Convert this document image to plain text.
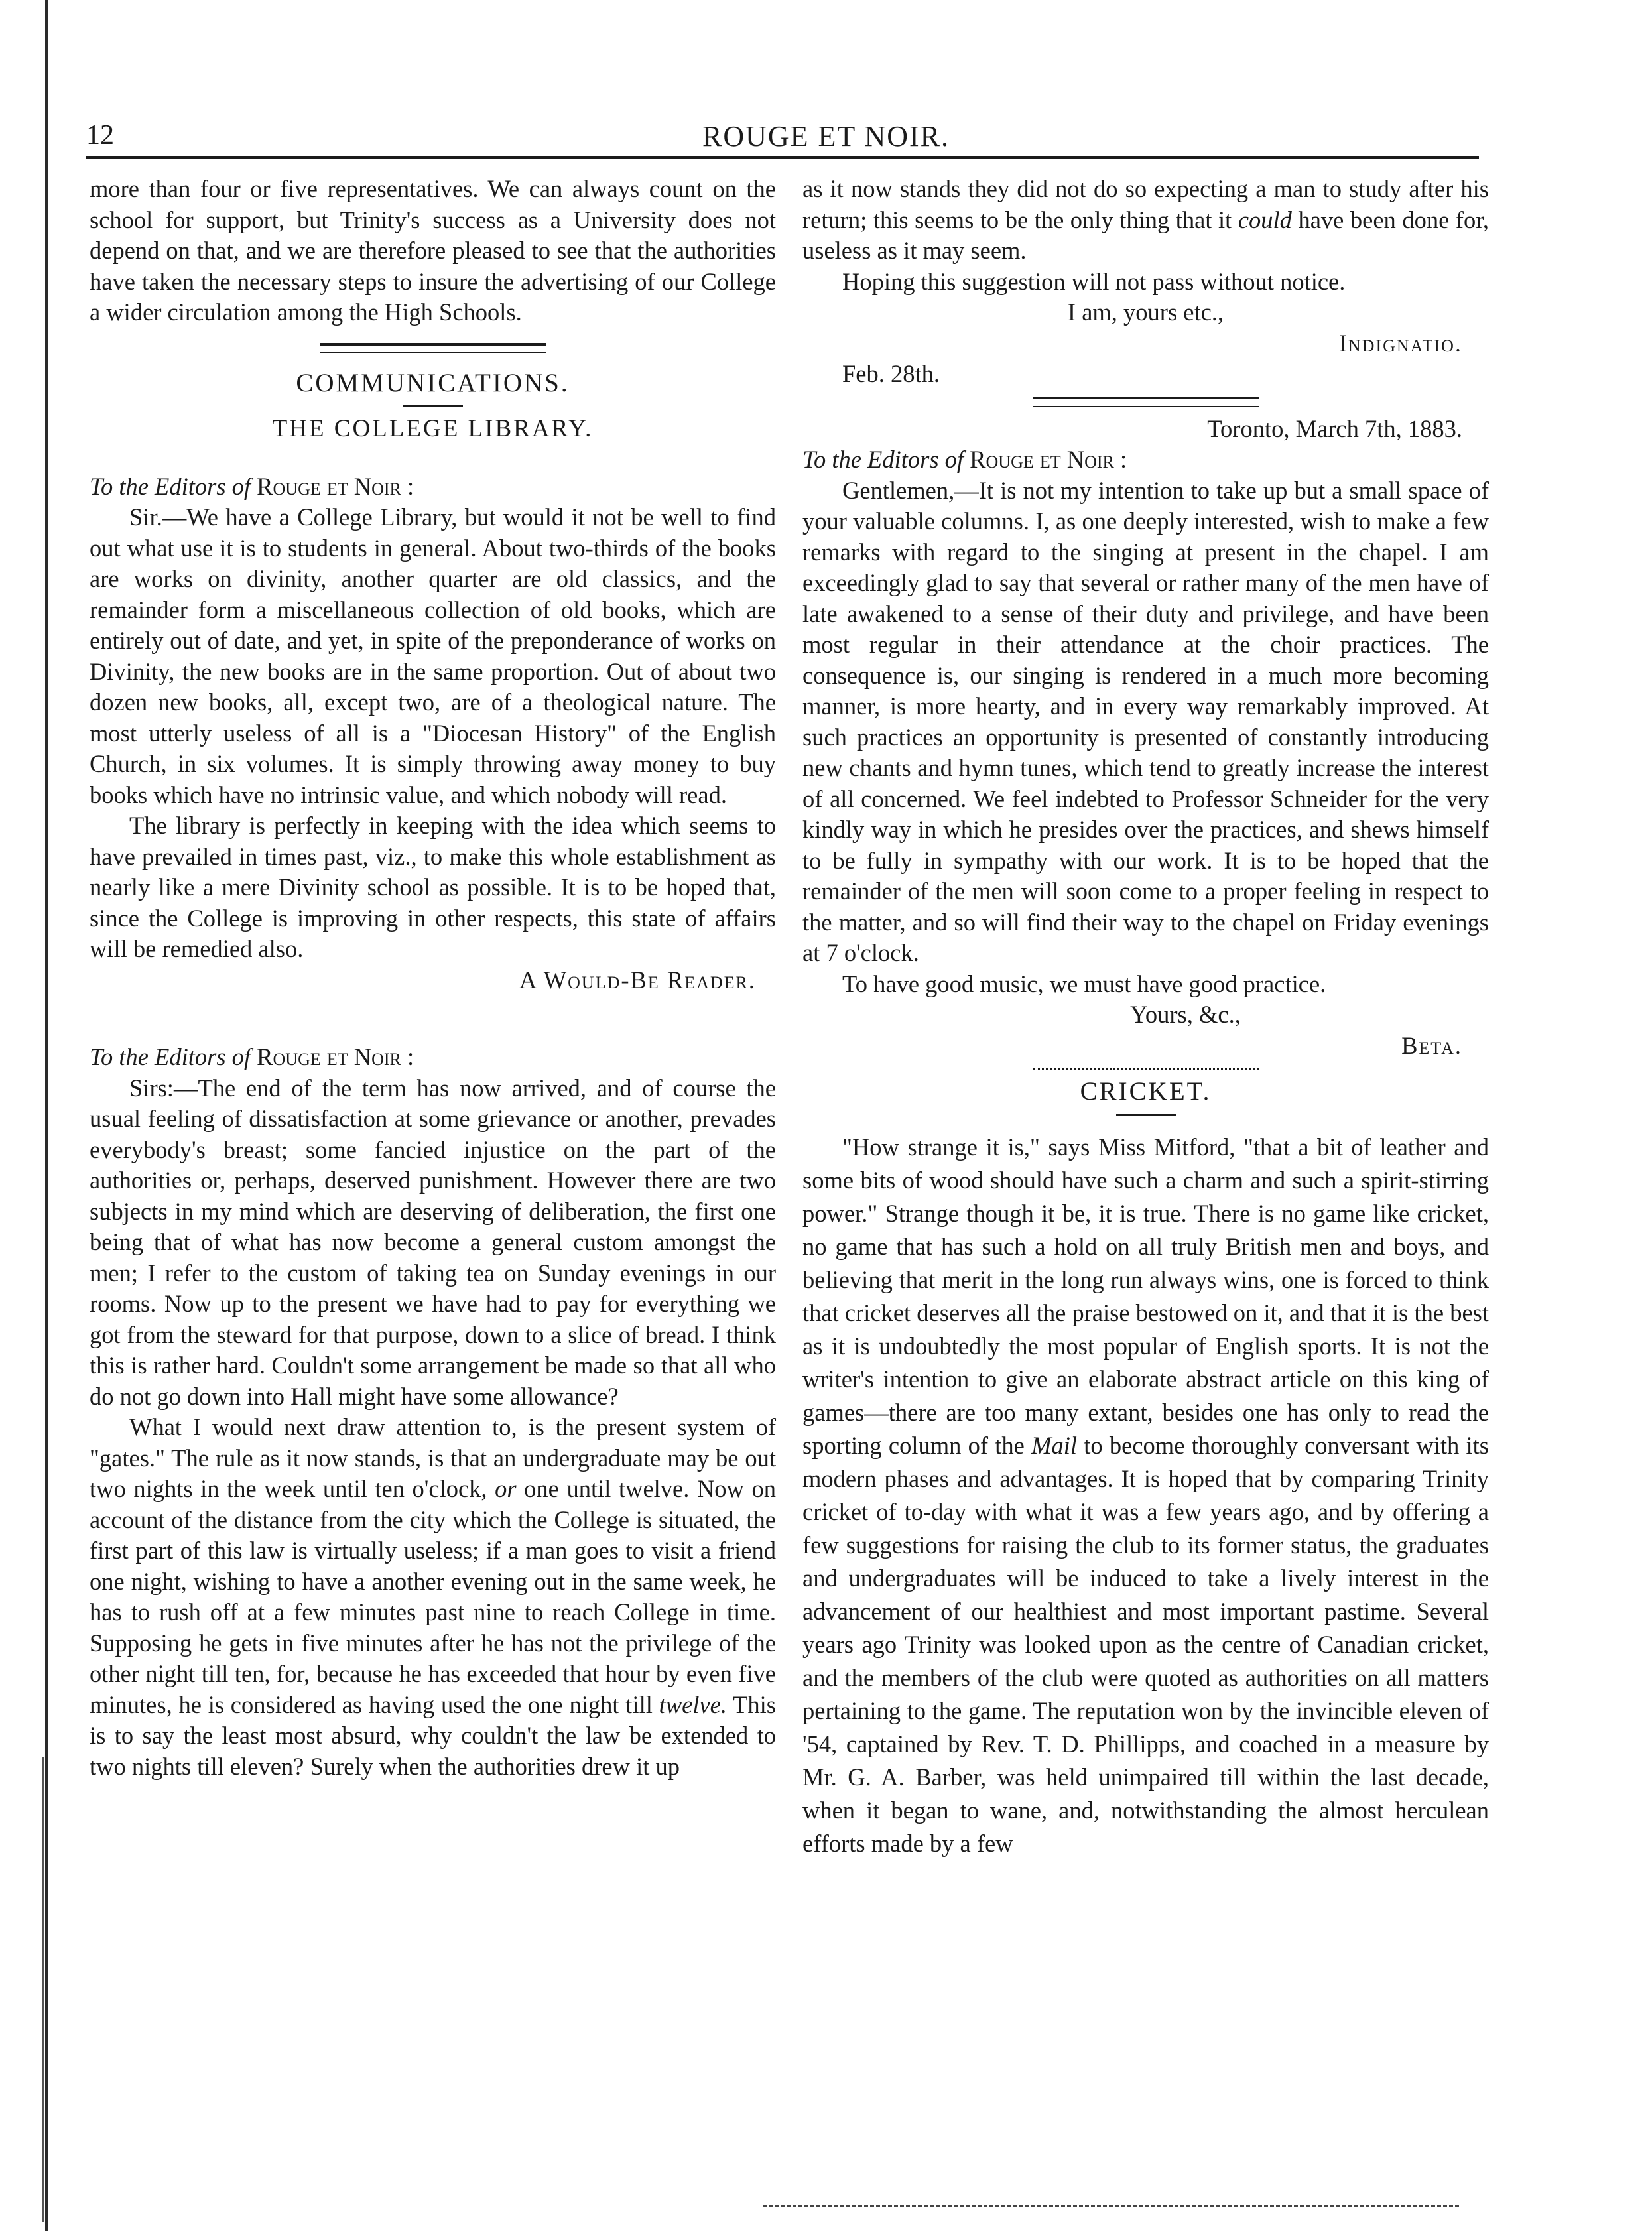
12	ROUGE ET NOIR.

more than four or five representatives. We can always count on the school for support, but Trinity's success as a University does not depend on that, and we are therefore pleased to see that the authorities have taken the necessary steps to insure the advertising of our College a wider circulation among the High Schools.

COMMUNICATIONS.

THE COLLEGE LIBRARY.

To the Editors of Rouge et Noir :

Sir.—We have a College Library, but would it not be well to find out what use it is to students in general. About two-thirds of the books are works on divinity, another quarter are old classics, and the remainder form a miscellaneous collection of old books, which are entirely out of date, and yet, in spite of the preponderance of works on Divinity, the new books are in the same proportion. Out of about two dozen new books, all, except two, are of a theological nature. The most utterly useless of all is a "Diocesan History" of the English Church, in six volumes. It is simply throwing away money to buy books which have no intrinsic value, and which nobody will read.

The library is perfectly in keeping with the idea which seems to have prevailed in times past, viz., to make this whole establishment as nearly like a mere Divinity school as possible. It is to be hoped that, since the College is improving in other respects, this state of affairs will be remedied also.

A Would-Be Reader.

To the Editors of Rouge et Noir :

Sirs:—The end of the term has now arrived, and of course the usual feeling of dissatisfaction at some grievance or another, prevades everybody's breast; some fancied injustice on the part of the authorities or, perhaps, deserved punishment. However there are two subjects in my mind which are deserving of deliberation, the first one being that of what has now become a general custom amongst the men; I refer to the custom of taking tea on Sunday evenings in our rooms. Now up to the present we have had to pay for everything we got from the steward for that purpose, down to a slice of bread. I think this is rather hard. Couldn't some arrangement be made so that all who do not go down into Hall might have some allowance?

What I would next draw attention to, is the present system of "gates." The rule as it now stands, is that an undergraduate may be out two nights in the week until ten o'clock, or one until twelve. Now on account of the distance from the city which the College is situated, the first part of this law is virtually useless; if a man goes to visit a friend one night, wishing to have a another evening out in the same week, he has to rush off at a few minutes past nine to reach College in time. Supposing he gets in five minutes after he has not the privilege of the other night till ten, for, because he has exceeded that hour by even five minutes, he is considered as having used the one night till twelve. This is to say the least most absurd, why couldn't the law be extended to two nights till eleven? Surely when the authorities drew it up

as it now stands they did not do so expecting a man to study after his return; this seems to be the only thing that it could have been done for, useless as it may seem.

Hoping this suggestion will not pass without notice.

I am, yours etc.,

Indignatio.

Feb. 28th.

Toronto, March 7th, 1883.

To the Editors of Rouge et Noir :

Gentlemen,—It is not my intention to take up but a small space of your valuable columns. I, as one deeply interested, wish to make a few remarks with regard to the singing at present in the chapel. I am exceedingly glad to say that several or rather many of the men have of late awakened to a sense of their duty and privilege, and have been most regular in their attendance at the choir practices. The consequence is, our singing is rendered in a much more becoming manner, is more hearty, and in every way remarkably improved. At such practices an opportunity is presented of constantly introducing new chants and hymn tunes, which tend to greatly increase the interest of all concerned. We feel indebted to Professor Schneider for the very kindly way in which he presides over the practices, and shews himself to be fully in sympathy with our work. It is to be hoped that the remainder of the men will soon come to a proper feeling in respect to the matter, and so will find their way to the chapel on Friday evenings at 7 o'clock.

To have good music, we must have good practice.

Yours, &c.,

Beta.

CRICKET.

"How strange it is," says Miss Mitford, "that a bit of leather and some bits of wood should have such a charm and such a spirit-stirring power." Strange though it be, it is true. There is no game like cricket, no game that has such a hold on all truly British men and boys, and believing that merit in the long run always wins, one is forced to think that cricket deserves all the praise bestowed on it, and that it is the best as it is undoubtedly the most popular of English sports. It is not the writer's intention to give an elaborate abstract article on this king of games—there are too many extant, besides one has only to read the sporting column of the Mail to become thoroughly conversant with its modern phases and advantages. It is hoped that by comparing Trinity cricket of to-day with what it was a few years ago, and by offering a few suggestions for raising the club to its former status, the graduates and undergraduates will be induced to take a lively interest in the advancement of our healthiest and most important pastime. Several years ago Trinity was looked upon as the centre of Canadian cricket, and the members of the club were quoted as authorities on all matters pertaining to the game. The reputation won by the invincible eleven of '54, captained by Rev. T. D. Phillipps, and coached in a measure by Mr. G. A. Barber, was held unimpaired till within the last decade, when it began to wane, and, notwithstanding the almost herculean efforts made by a few
